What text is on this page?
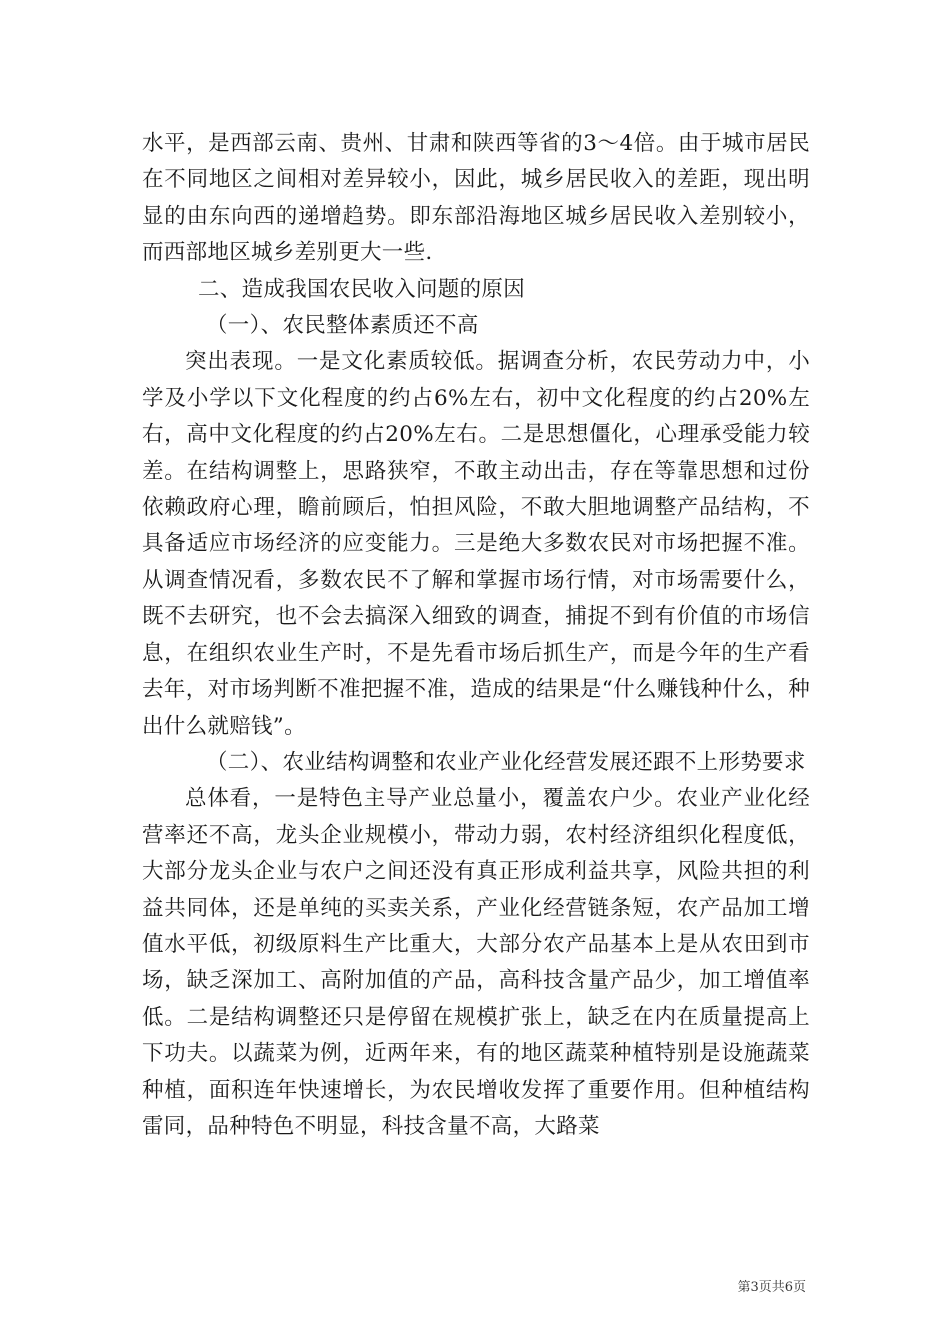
水平，是西部云南、贵州、甘肃和陕西等省的3～4倍。由于城市居民在不同地区之间相对差异较小，因此，城乡居民收入的差距，现出明显的由东向西的递增趋势。即东部沿海地区城乡居民收入差别较小，而西部地区城乡差别更大一些.

二、造成我国农民收入问题的原因

（一）、农民整体素质还不高

突出表现。一是文化素质较低。据调查分析，农民劳动力中，小学及小学以下文化程度的约占6%左右，初中文化程度的约占20%左右，高中文化程度的约占20%左右。二是思想僵化，心理承受能力较差。在结构调整上，思路狭窄，不敢主动出击，存在等靠思想和过份依赖政府心理，瞻前顾后，怕担风险，不敢大胆地调整产品结构，不具备适应市场经济的应变能力。三是绝大多数农民对市场把握不准。从调查情况看，多数农民不了解和掌握市场行情，对市场需要什么，既不去研究，也不会去搞深入细致的调查，捕捉不到有价值的市场信息，在组织农业生产时，不是先看市场后抓生产，而是今年的生产看去年，对市场判断不准把握不准，造成的结果是“什么赚钱种什么，种出什么就赔钱”。

（二）、农业结构调整和农业产业化经营发展还跟不上形势要求

总体看，一是特色主导产业总量小，覆盖农户少。农业产业化经营率还不高，龙头企业规模小，带动力弱，农村经济组织化程度低，大部分龙头企业与农户之间还没有真正形成利益共享，风险共担的利益共同体，还是单纯的买卖关系，产业化经营链条短，农产品加工增值水平低，初级原料生产比重大，大部分农产品基本上是从农田到市场，缺乏深加工、高附加值的产品，高科技含量产品少，加工增值率低。二是结构调整还只是停留在规模扩张上，缺乏在内在质量提高上下功夫。以蔬菜为例，近两年来，有的地区蔬菜种植特别是设施蔬菜种植，面积连年快速增长，为农民增收发挥了重要作用。但种植结构雷同，品种特色不明显，科技含量不高，大路菜

第3页共6页
